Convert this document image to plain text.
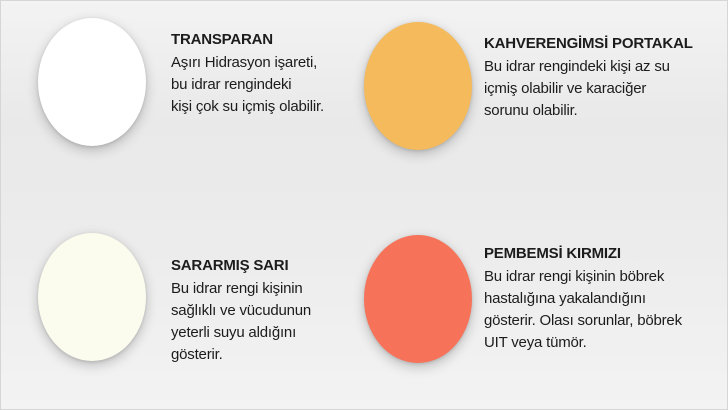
TRANSPARAN
Aşırı Hidrasyon işareti,
bu idrar rengindeki
kişi çok su içmiş olabilir.
KAHVERENGİMSİ PORTAKAL
Bu idrar rengindeki kişi az su
içmiş olabilir ve karaciğer
sorunu olabilir.
SARARMIŞ SARI
Bu idrar rengi kişinin
sağlıklı ve vücudunun
yeterli suyu aldığını
gösterir.
PEMBEMSİ KIRMIZI
Bu idrar rengi kişinin böbrek
hastalığına yakalandığını
gösterir. Olası sorunlar, böbrek
UIT veya tümör.
